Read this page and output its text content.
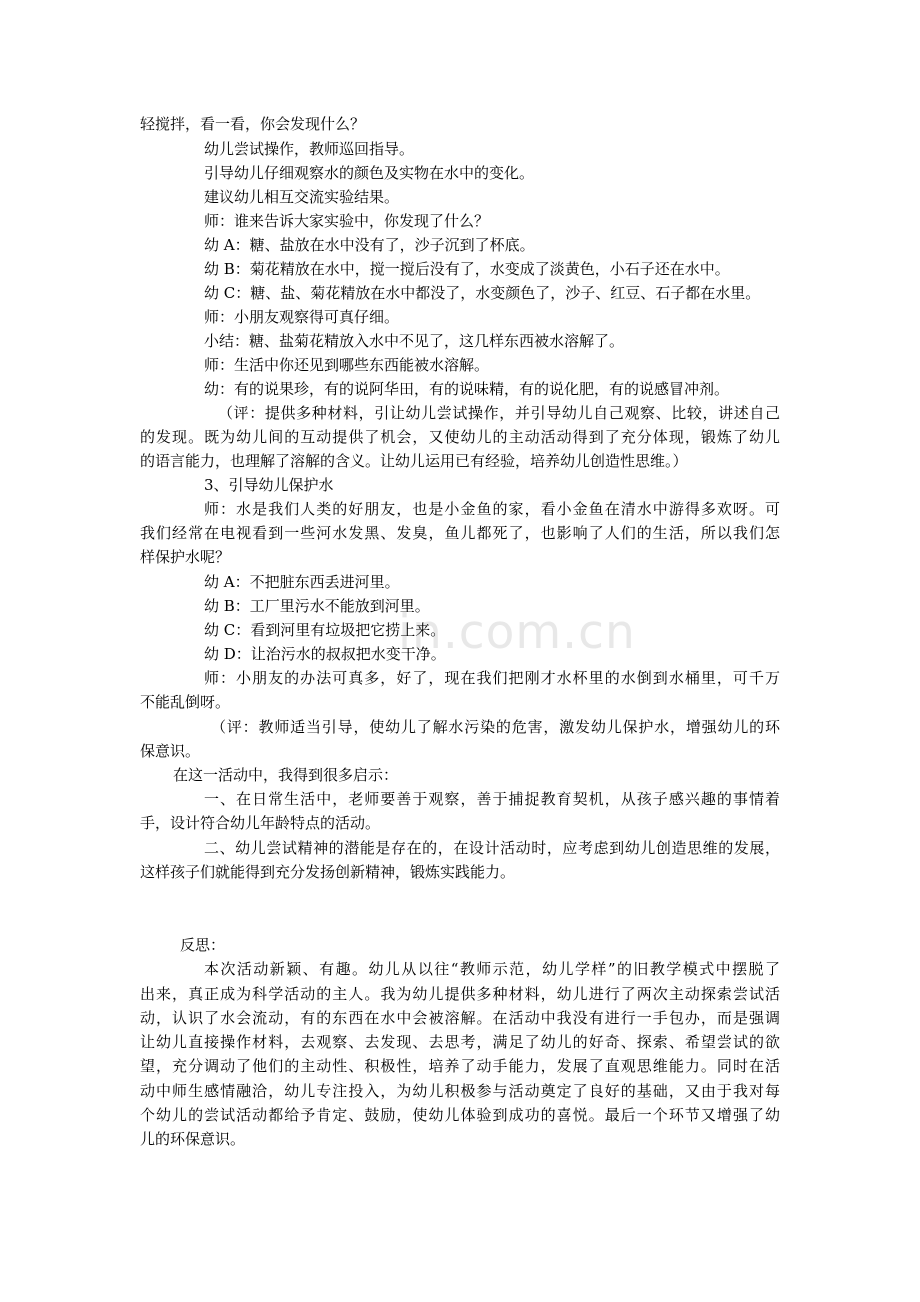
in.com.cn
轻搅拌，看一看，你会发现什么？
幼儿尝试操作，教师巡回指导。
引导幼儿仔细观察水的颜色及实物在水中的变化。
建议幼儿相互交流实验结果。
师：谁来告诉大家实验中，你发现了什么？
幼 A：糖、盐放在水中没有了，沙子沉到了杯底。
幼 B：菊花精放在水中，搅一搅后没有了，水变成了淡黄色，小石子还在水中。
幼 C：糖、盐、菊花精放在水中都没了，水变颜色了，沙子、红豆、石子都在水里。
师：小朋友观察得可真仔细。
小结：糖、盐菊花精放入水中不见了，这几样东西被水溶解了。
师：生活中你还见到哪些东西能被水溶解。
幼：有的说果珍，有的说阿华田，有的说味精，有的说化肥，有的说感冒冲剂。
（评：提供多种材料，引让幼儿尝试操作，并引导幼儿自己观察、比较，讲述自己
的发现。既为幼儿间的互动提供了机会，又使幼儿的主动活动得到了充分体现，锻炼了幼儿
的语言能力，也理解了溶解的含义。让幼儿运用已有经验，培养幼儿创造性思维。）
3、引导幼儿保护水
师：水是我们人类的好朋友，也是小金鱼的家，看小金鱼在清水中游得多欢呀。可
我们经常在电视看到一些河水发黑、发臭，鱼儿都死了，也影响了人们的生活，所以我们怎
样保护水呢？
幼 A：不把脏东西丢进河里。
幼 B：工厂里污水不能放到河里。
幼 C：看到河里有垃圾把它捞上来。
幼 D：让治污水的叔叔把水变干净。
师：小朋友的办法可真多，好了，现在我们把刚才水杯里的水倒到水桶里，可千万
不能乱倒呀。
（评：教师适当引导，使幼儿了解水污染的危害，激发幼儿保护水，增强幼儿的环
保意识。
在这一活动中，我得到很多启示：
一、在日常生活中，老师要善于观察，善于捕捉教育契机，从孩子感兴趣的事情着
手，设计符合幼儿年龄特点的活动。
二、幼儿尝试精神的潜能是存在的，在设计活动时，应考虑到幼儿创造思维的发展，
这样孩子们就能得到充分发扬创新精神，锻炼实践能力。
反思：
本次活动新颖、有趣。幼儿从以往“教师示范，幼儿学样”的旧教学模式中摆脱了
出来，真正成为科学活动的主人。我为幼儿提供多种材料，幼儿进行了两次主动探索尝试活
动，认识了水会流动，有的东西在水中会被溶解。在活动中我没有进行一手包办，而是强调
让幼儿直接操作材料，去观察、去发现、去思考，满足了幼儿的好奇、探索、希望尝试的欲
望，充分调动了他们的主动性、积极性，培养了动手能力，发展了直观思维能力。同时在活
动中师生感情融洽，幼儿专注投入，为幼儿积极参与活动奠定了良好的基础，又由于我对每
个幼儿的尝试活动都给予肯定、鼓励，使幼儿体验到成功的喜悦。最后一个环节又增强了幼
儿的环保意识。
